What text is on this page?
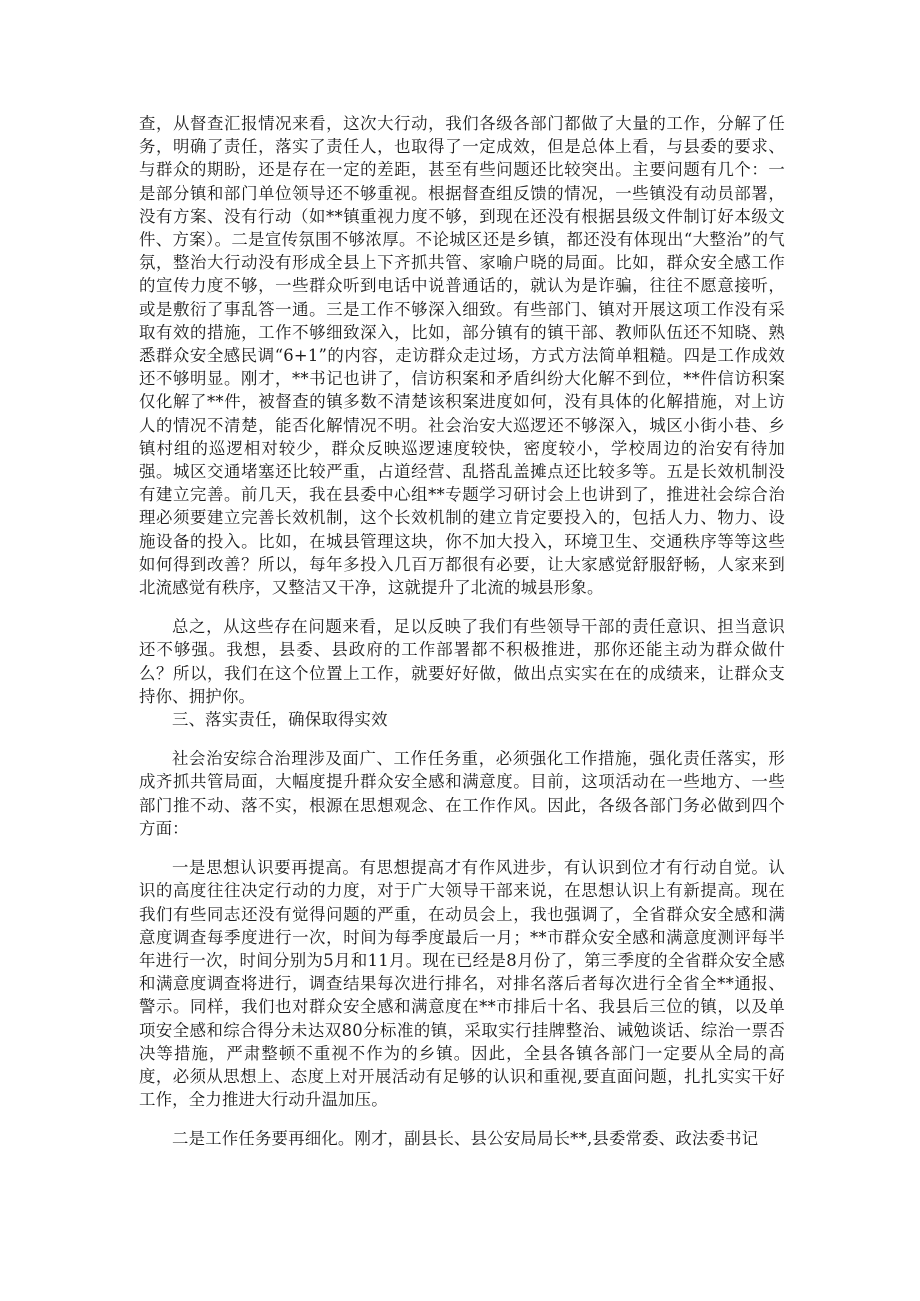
查，从督查汇报情况来看，这次大行动，我们各级各部门都做了大量的工作，分解了任务，明确了责任，落实了责任人，也取得了一定成效，但是总体上看，与县委的要求、与群众的期盼，还是存在一定的差距，甚至有些问题还比较突出。主要问题有几个：一是部分镇和部门单位领导还不够重视。根据督查组反馈的情况，一些镇没有动员部署，没有方案、没有行动（如**镇重视力度不够，到现在还没有根据县级文件制订好本级文件、方案）。二是宣传氛围不够浓厚。不论城区还是乡镇，都还没有体现出“大整治”的气氛，整治大行动没有形成全县上下齐抓共管、家喻户晓的局面。比如，群众安全感工作的宣传力度不够，一些群众听到电话中说普通话的，就认为是诈骗，往往不愿意接听，或是敷衍了事乱答一通。三是工作不够深入细致。有些部门、镇对开展这项工作没有采取有效的措施，工作不够细致深入，比如，部分镇有的镇干部、教师队伍还不知晓、熟悉群众安全感民调“6+1”的内容，走访群众走过场，方式方法简单粗糙。四是工作成效还不够明显。刚才，**书记也讲了，信访积案和矛盾纠纷大化解不到位，**件信访积案仅化解了**件，被督查的镇多数不清楚该积案进度如何，没有具体的化解措施，对上访人的情况不清楚，能否化解情况不明。社会治安大巡逻还不够深入，城区小街小巷、乡镇村组的巡逻相对较少，群众反映巡逻速度较快，密度较小，学校周边的治安有待加强。城区交通堵塞还比较严重，占道经营、乱搭乱盖摊点还比较多等。五是长效机制没有建立完善。前几天，我在县委中心组**专题学习研讨会上也讲到了，推进社会综合治理必须要建立完善长效机制，这个长效机制的建立肯定要投入的，包括人力、物力、设施设备的投入。比如，在城县管理这块，你不加大投入，环境卫生、交通秩序等等这些如何得到改善？所以，每年多投入几百万都很有必要，让大家感觉舒服舒畅，人家来到北流感觉有秩序，又整洁又干净，这就提升了北流的城县形象。

总之，从这些存在问题来看，足以反映了我们有些领导干部的责任意识、担当意识还不够强。我想，县委、县政府的工作部署都不积极推进，那你还能主动为群众做什么？所以，我们在这个位置上工作，就要好好做，做出点实实在在的成绩来，让群众支持你、拥护你。

三、落实责任，确保取得实效

社会治安综合治理涉及面广、工作任务重，必须强化工作措施，强化责任落实，形成齐抓共管局面，大幅度提升群众安全感和满意度。目前，这项活动在一些地方、一些部门推不动、落不实，根源在思想观念、在工作作风。因此，各级各部门务必做到四个方面：

一是思想认识要再提高。有思想提高才有作风进步，有认识到位才有行动自觉。认识的高度往往决定行动的力度，对于广大领导干部来说，在思想认识上有新提高。现在我们有些同志还没有觉得问题的严重，在动员会上，我也强调了，全省群众安全感和满意度调查每季度进行一次，时间为每季度最后一月；**市群众安全感和满意度测评每半年进行一次，时间分别为5月和11月。现在已经是8月份了，第三季度的全省群众安全感和满意度调查将进行，调查结果每次进行排名，对排名落后者每次进行全省全**通报、警示。同样，我们也对群众安全感和满意度在**市排后十名、我县后三位的镇，以及单项安全感和综合得分未达双80分标准的镇，采取实行挂牌整治、诫勉谈话、综治一票否决等措施，严肃整顿不重视不作为的乡镇。因此，全县各镇各部门一定要从全局的高度，必须从思想上、态度上对开展活动有足够的认识和重视,要直面问题，扎扎实实干好工作，全力推进大行动升温加压。

二是工作任务要再细化。刚才，副县长、县公安局局长**,县委常委、政法委书记
